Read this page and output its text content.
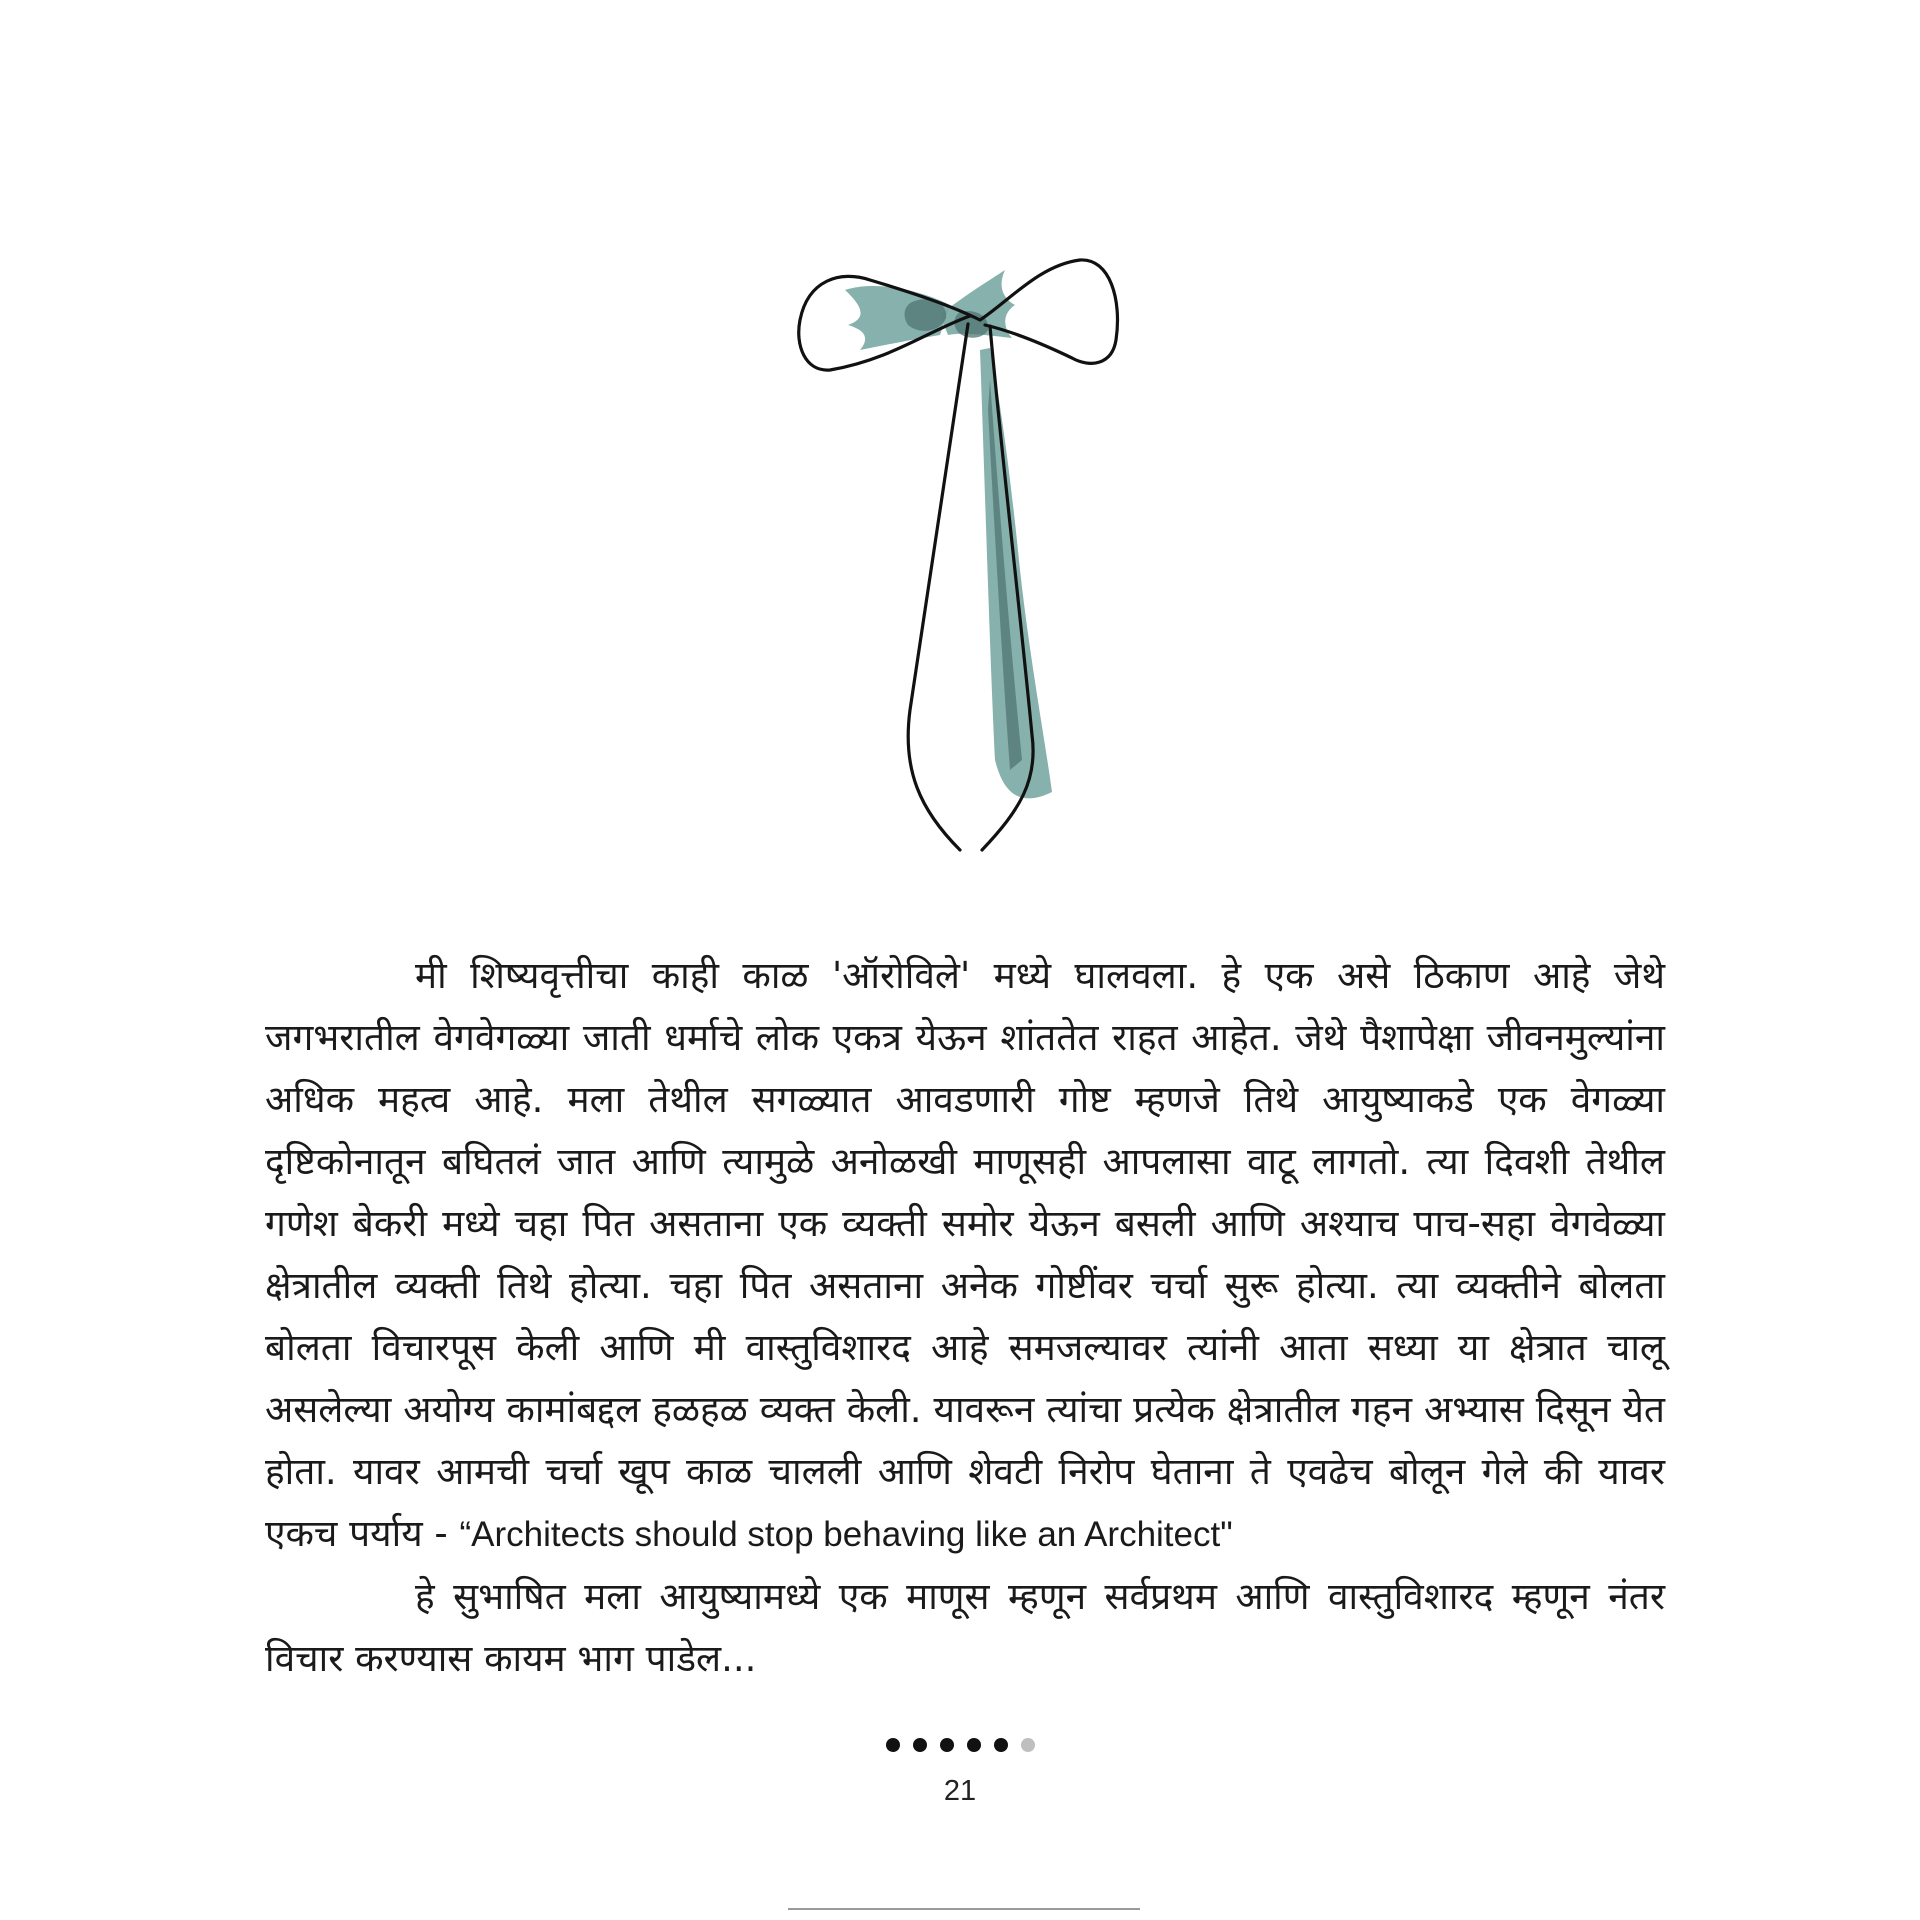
मी शिष्यवृत्तीचा काही काळ 'ऑरोविले' मध्ये घालवला. हे एक असे ठिकाण आहे जेथे जगभरातील वेगवेगळ्या जाती धर्माचे लोक एकत्र येऊन शांततेत राहत आहेत. जेथे पैशापेक्षा जीवनमुल्यांना अधिक महत्व आहे. मला तेथील सगळ्यात आवडणारी गोष्ट म्हणजे तिथे आयुष्याकडे एक वेगळ्या दृष्टिकोनातून बघितलं जात आणि त्यामुळे अनोळखी माणूसही आपलासा वाटू लागतो. त्या दिवशी तेथील गणेश बेकरी मध्ये चहा पित असताना एक व्यक्ती समोर येऊन बसली आणि अश्याच पाच-सहा वेगवेळ्या क्षेत्रातील व्यक्ती तिथे होत्या. चहा पित असताना अनेक गोष्टींवर चर्चा सुरू होत्या. त्या व्यक्तीने बोलता बोलता विचारपूस केली आणि मी वास्तुविशारद आहे समजल्यावर त्यांनी आता सध्या या क्षेत्रात चालू असलेल्या अयोग्य कामांबद्दल हळहळ व्यक्त केली. यावरून त्यांचा प्रत्येक क्षेत्रातील गहन अभ्यास दिसून येत होता. यावर आमची चर्चा खूप काळ चालली आणि शेवटी निरोप घेताना ते एवढेच बोलून गेले की यावर एकच पर्याय - “Architects should stop behaving like an Architect"

हे सुभाषित मला आयुष्यामध्ये एक माणूस म्हणून सर्वप्रथम आणि वास्तुविशारद म्हणून नंतर विचार करण्यास कायम भाग पाडेल...

21
